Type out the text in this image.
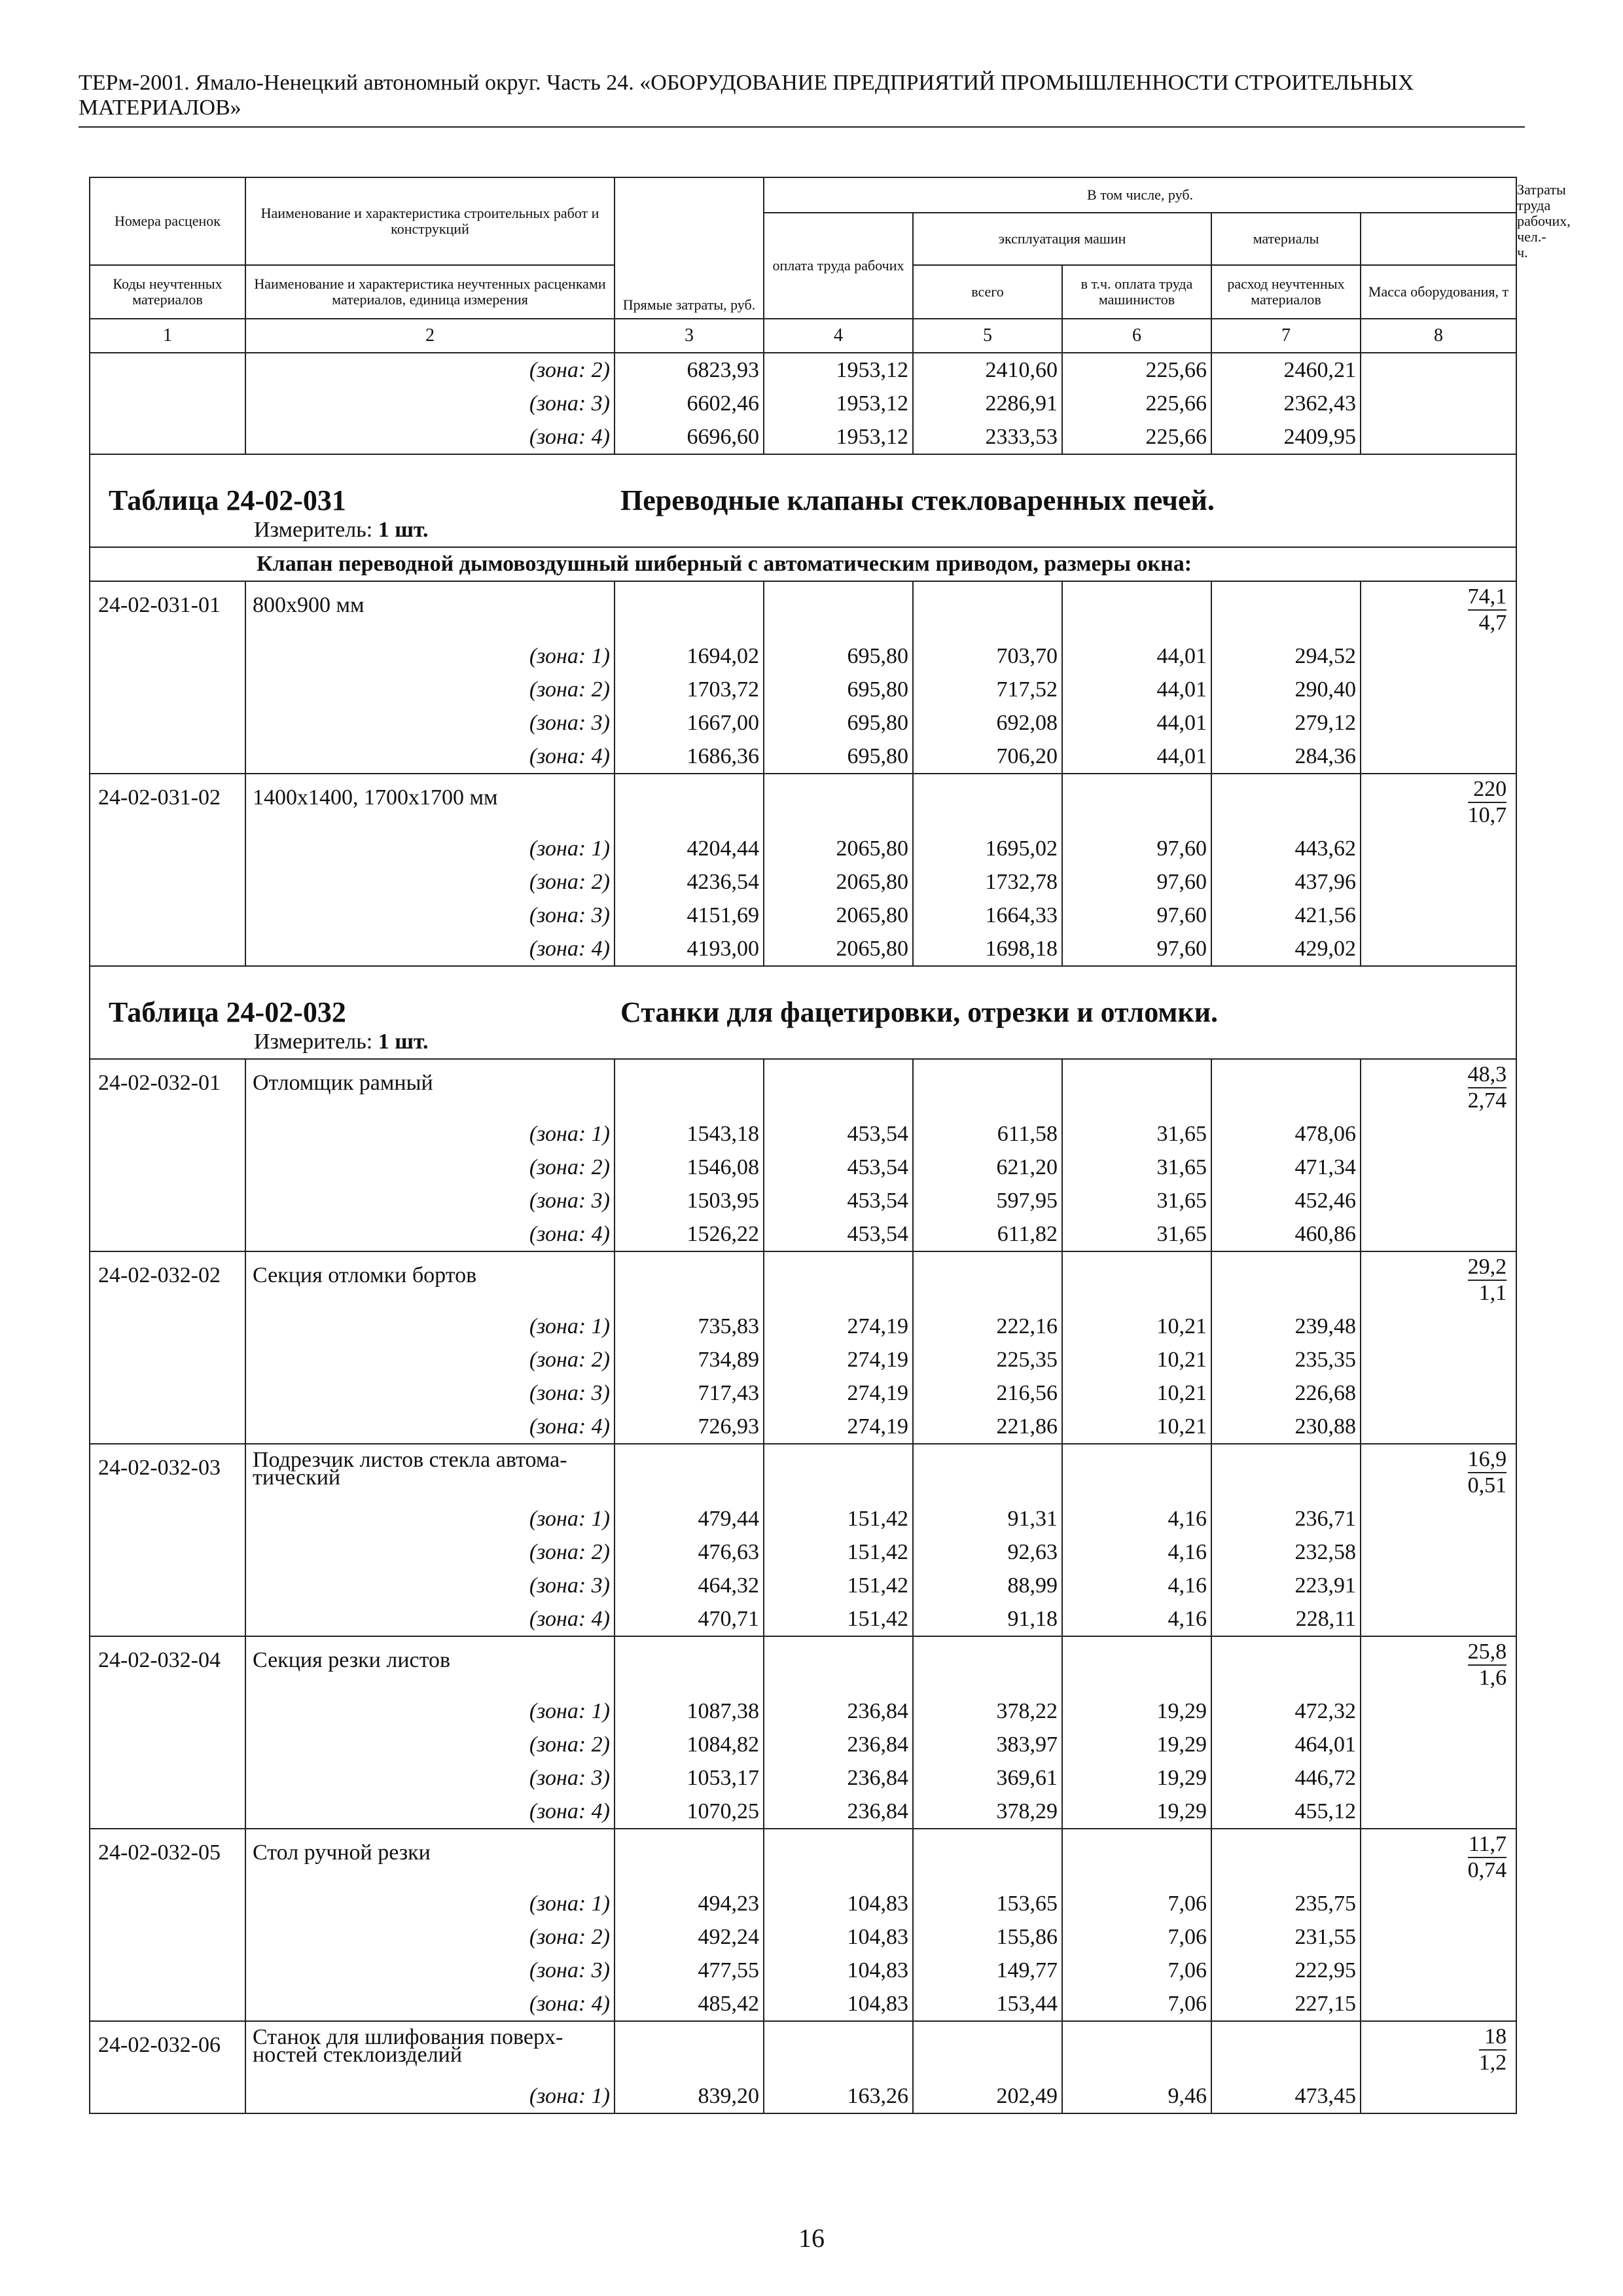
ТЕРм-2001. Ямало-Ненецкий автономный округ. Часть 24. «ОБОРУДОВАНИЕ ПРЕДПРИЯТИЙ ПРОМЫШЛЕННОСТИ СТРОИТЕЛЬНЫХ МАТЕРИАЛОВ»
Номера расценок	Наименование и характеристика строительных работ и конструкций	Прямые затраты, руб.	В том числе, руб.					Затраты труда рабочих, чел.-ч.
			оплата труда рабочих	эксплуатация машин		материалы		
Коды неучтенных материалов	Наименование и характеристика неучтенных расценками материалов, единица измерения			всего	в т.ч. оплата труда машинистов	расход неучтенных материалов	Масса оборудования, т	
1	2	3	4	5	6	7	8	
	(зона: 2)	6823,93	1953,12	2410,60	225,66	2460,21		
	(зона: 3)	6602,46	1953,12	2286,91	225,66	2362,43		
	(зона: 4)	6696,60	1953,12	2333,53	225,66	2409,95		

Таблица 24-02-031 Переводные клапаны стекловаренных печей.								

Измеритель: 1 шт.								

Клапан переводной дымовоздушный шиберный с автоматическим приводом, размеры окна:								
24-02-031-01	800х900 мм						$\frac{74,1}{4,7}$

	(зона: 1)	1694,02	695,80	703,70	44,01	294,52		
	(зона: 2)	1703,72	695,80	717,52	44,01	290,40		
	(зона: 3)	1667,00	695,80	692,08	44,01	279,12		
	(зона: 4)	1686,36	695,80	706,20	44,01	284,36		
24-02-031-02	1400х1400, 1700х1700 мм						$\frac{220}{10,7}$

	(зона: 1)	4204,44	2065,80	1695,02	97,60	443,62		
	(зона: 2)	4236,54	2065,80	1732,78	97,60	437,96		
	(зона: 3)	4151,69	2065,80	1664,33	97,60	421,56		
	(зона: 4)	4193,00	2065,80	1698,18	97,60	429,02		

Таблица 24-02-032 Станки для фацетировки, отрезки и отломки.								

Измеритель: 1 шт.								

24-02-032-01	Отломщик рамный						$\frac{48,3}{2,74}$

	(зона: 1)	1543,18	453,54	611,58	31,65	478,06		
	(зона: 2)	1546,08	453,54	621,20	31,65	471,34		
	(зона: 3)	1503,95	453,54	597,95	31,65	452,46		
	(зона: 4)	1526,22	453,54	611,82	31,65	460,86		
24-02-032-02	Секция отломки бортов						$\frac{29,2}{1,1}$

	(зона: 1)	735,83	274,19	222,16	10,21	239,48		
	(зона: 2)	734,89	274,19	225,35	10,21	235,35		
	(зона: 3)	717,43	274,19	216,56	10,21	226,68		
	(зона: 4)	726,93	274,19	221,86	10,21	230,88		
24-02-032-03	Подрезчик листов стекла автома-тический						$\frac{16,9}{0,51}$

	(зона: 1)	479,44	151,42	91,31	4,16	236,71		
	(зона: 2)	476,63	151,42	92,63	4,16	232,58		
	(зона: 3)	464,32	151,42	88,99	4,16	223,91		
	(зона: 4)	470,71	151,42	91,18	4,16	228,11		
24-02-032-04	Секция резки листов						$\frac{25,8}{1,6}$

	(зона: 1)	1087,38	236,84	378,22	19,29	472,32		
	(зона: 2)	1084,82	236,84	383,97	19,29	464,01		
	(зона: 3)	1053,17	236,84	369,61	19,29	446,72		
	(зона: 4)	1070,25	236,84	378,29	19,29	455,12		
24-02-032-05	Стол ручной резки						$\frac{11,7}{0,74}$

	(зона: 1)	494,23	104,83	153,65	7,06	235,75		
	(зона: 2)	492,24	104,83	155,86	7,06	231,55		
	(зона: 3)	477,55	104,83	149,77	7,06	222,95		
	(зона: 4)	485,42	104,83	153,44	7,06	227,15		
24-02-032-06	Станок для шлифования поверх-ностей стеклоизделий						$\frac{18}{1,2}$

	(зона: 1)	839,20	163,26	202,49	9,46	473,45		
16
